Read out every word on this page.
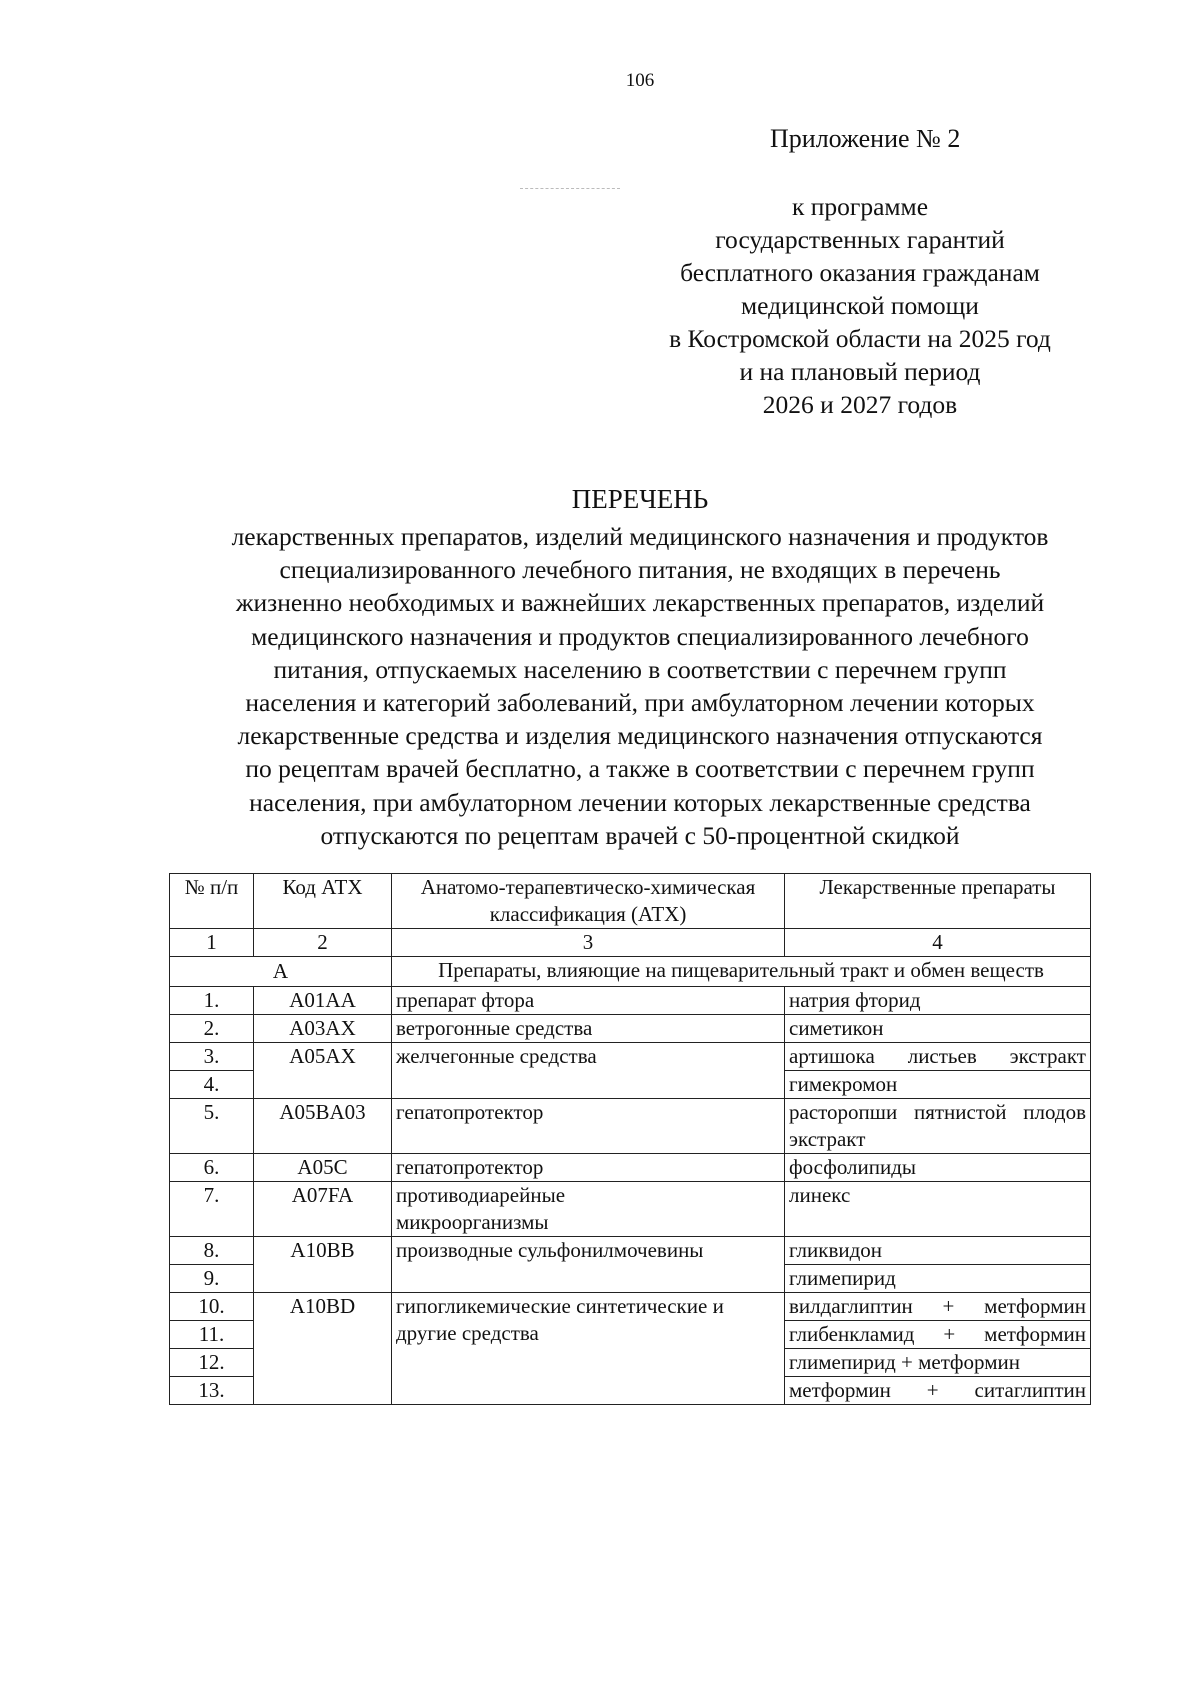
106
Приложение № 2
к программе
государственных гарантий
бесплатного оказания гражданам
медицинской помощи
в Костромской области на 2025 год
и на плановый период
2026 и 2027 годов
ПЕРЕЧЕНЬ
лекарственных препаратов, изделий медицинского назначения и продуктов
специализированного лечебного питания, не входящих в перечень
жизненно необходимых и важнейших лекарственных препаратов, изделий
медицинского назначения и продуктов специализированного лечебного
питания, отпускаемых населению в соответствии с перечнем групп
населения и категорий заболеваний, при амбулаторном лечении которых
лекарственные средства и изделия медицинского назначения отпускаются
по рецептам врачей бесплатно, а также в соответствии с перечнем групп
населения, при амбулаторном лечении которых лекарственные средства
отпускаются по рецептам врачей с 50-процентной скидкой
№ п/п	Код АТХ	Анатомо-терапевтическо-химическая классификация (АТХ)	Лекарственные препараты
1	2	3	4
А		Препараты, влияющие на пищеварительный тракт и обмен веществ	
1.	A01AA	препарат фтора	натрия фторид
2.	A03AX	ветрогонные средства	симетикон
3.	A05AX	желчегонные средства	артишока листьев экстракт
4.			гимекромон
5.	A05BA03	гепатопротектор	расторопши пятнистой плодов экстракт
6.	A05C	гепатопротектор	фосфолипиды
7.	A07FA	противодиарейные микроорганизмы	линекс
8.	A10BB	производные сульфонилмочевины	гликвидон
9.			глимепирид
10.	A10BD	гипогликемические синтетические и другие средства	вилдаглиптин + метформин
11.			глибенкламид + метформин
12.			глимепирид + метформин
13.			метформин + ситаглиптин
